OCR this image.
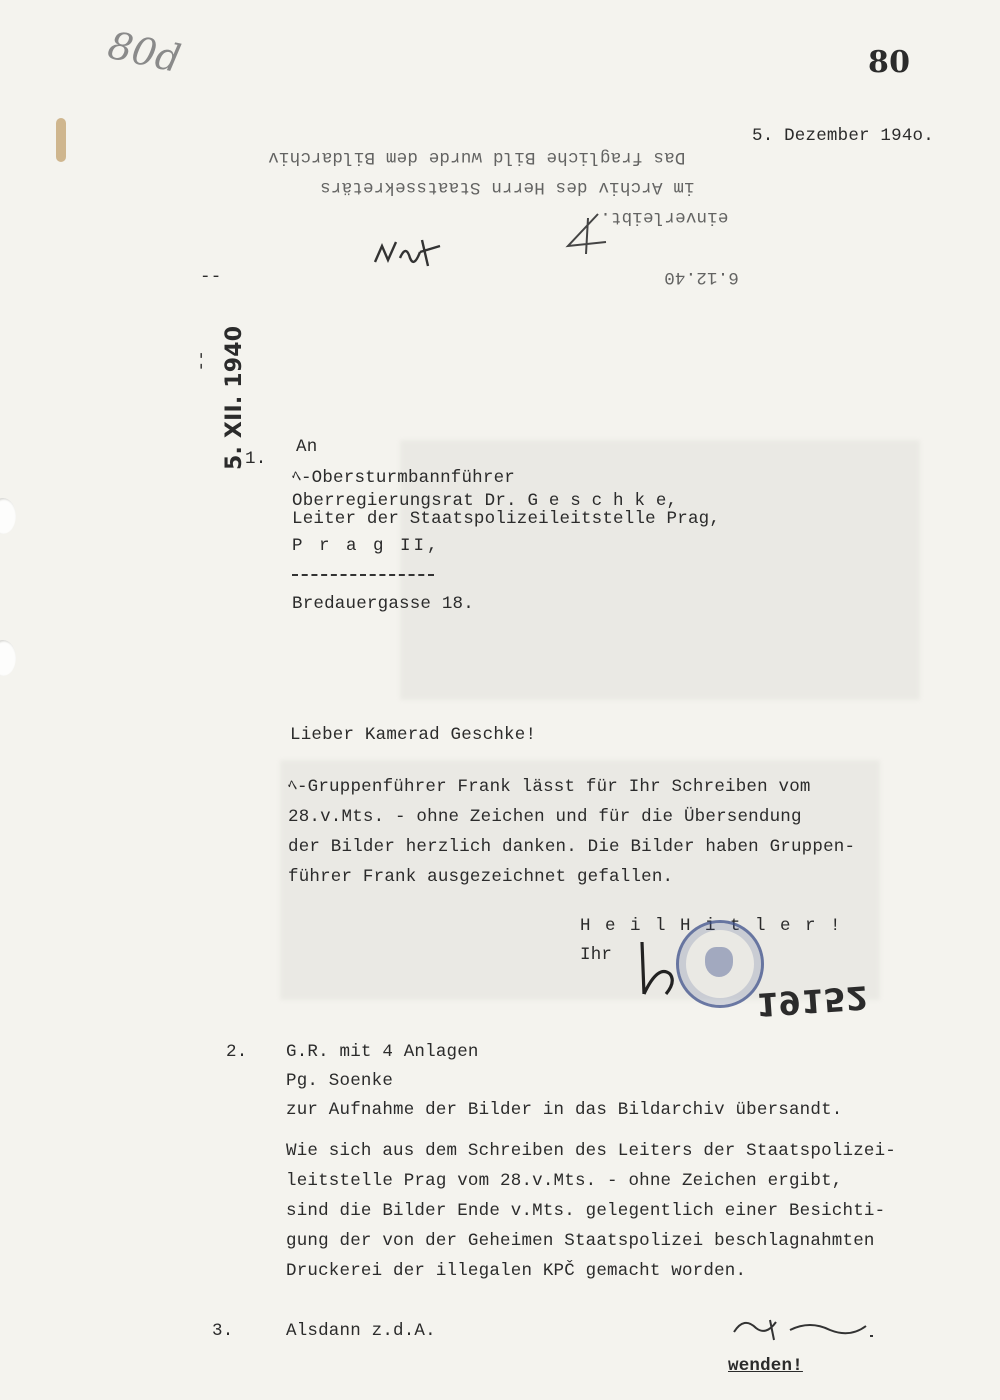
80d	80
5. Dezember 194o.
Das fragliche Bild wurde dem Bildarchiv
im Archiv des Herrn Staatssekretärs
einverleibt.
6.12.40
--
-- 5. XII. 1940
1.
An
ﾍ-Obersturmbannführer
Oberregierungsrat Dr. G e s c h k e,
Leiter der Staatspolizeileitstelle Prag,
P r a g II,
Bredauergasse 18.
Lieber Kamerad Geschke!
ﾍ-Gruppenführer Frank lässt für Ihr Schreiben vom
28.v.Mts. - ohne Zeichen und für die Übersendung
der Bilder herzlich danken. Die Bilder haben Gruppen-
führer Frank ausgezeichnet gefallen.
H e i l H i t l e r !
Ihr
19152
2. G.R. mit 4 Anlagen
Pg. Soenke
zur Aufnahme der Bilder in das Bildarchiv übersandt.
Wie sich aus dem Schreiben des Leiters der Staatspolizei-
leitstelle Prag vom 28.v.Mts. - ohne Zeichen ergibt,
sind die Bilder Ende v.Mts. gelegentlich einer Besichti-
gung der von der Geheimen Staatspolizei beschlagnahmten
Druckerei der illegalen KPČ gemacht worden.
3.	Alsdann z.d.A.
wenden!
